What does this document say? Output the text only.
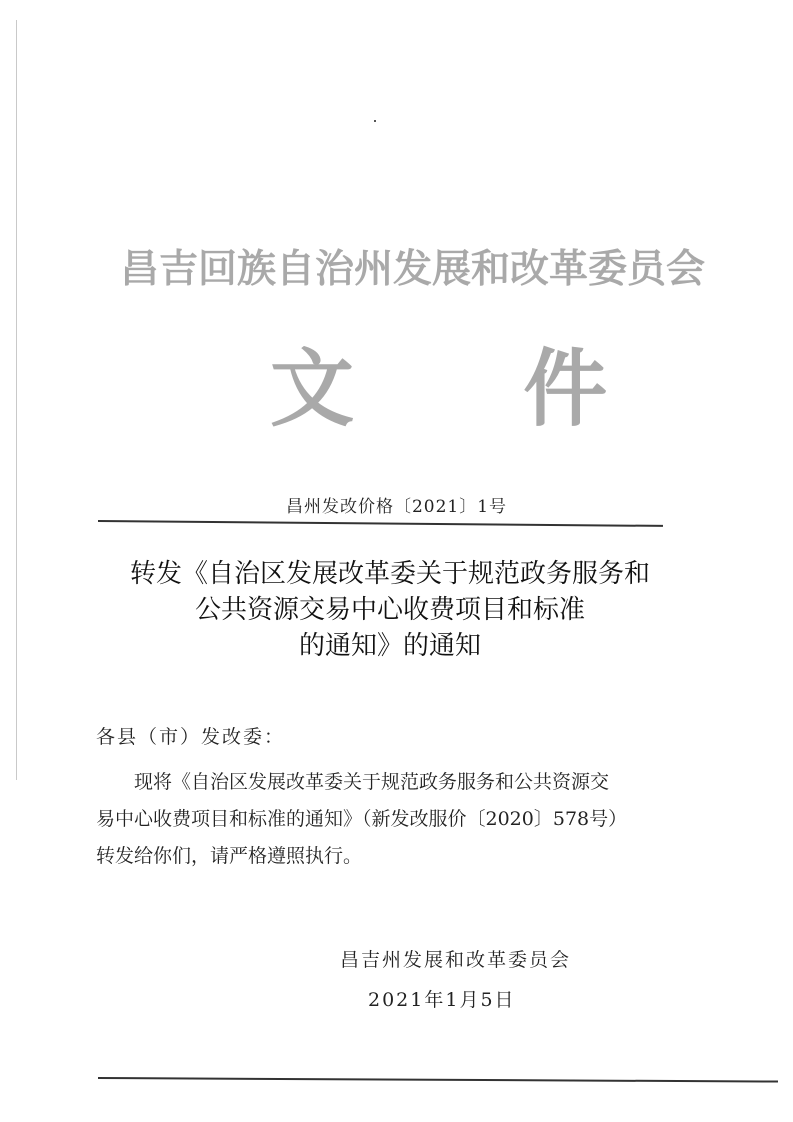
昌吉回族自治州发展和改革委员会
文 件
昌州发改价格〔2021〕1号
转发《自治区发展改革委关于规范政务服务和
公共资源交易中心收费项目和标准
的通知》的通知
各县（市）发改委：
现将《自治区发展改革委关于规范政务服务和公共资源交
易中心收费项目和标准的通知》（新发改服价〔2020〕578号）
转发给你们，请严格遵照执行。
昌吉州发展和改革委员会
2021年1月5日
